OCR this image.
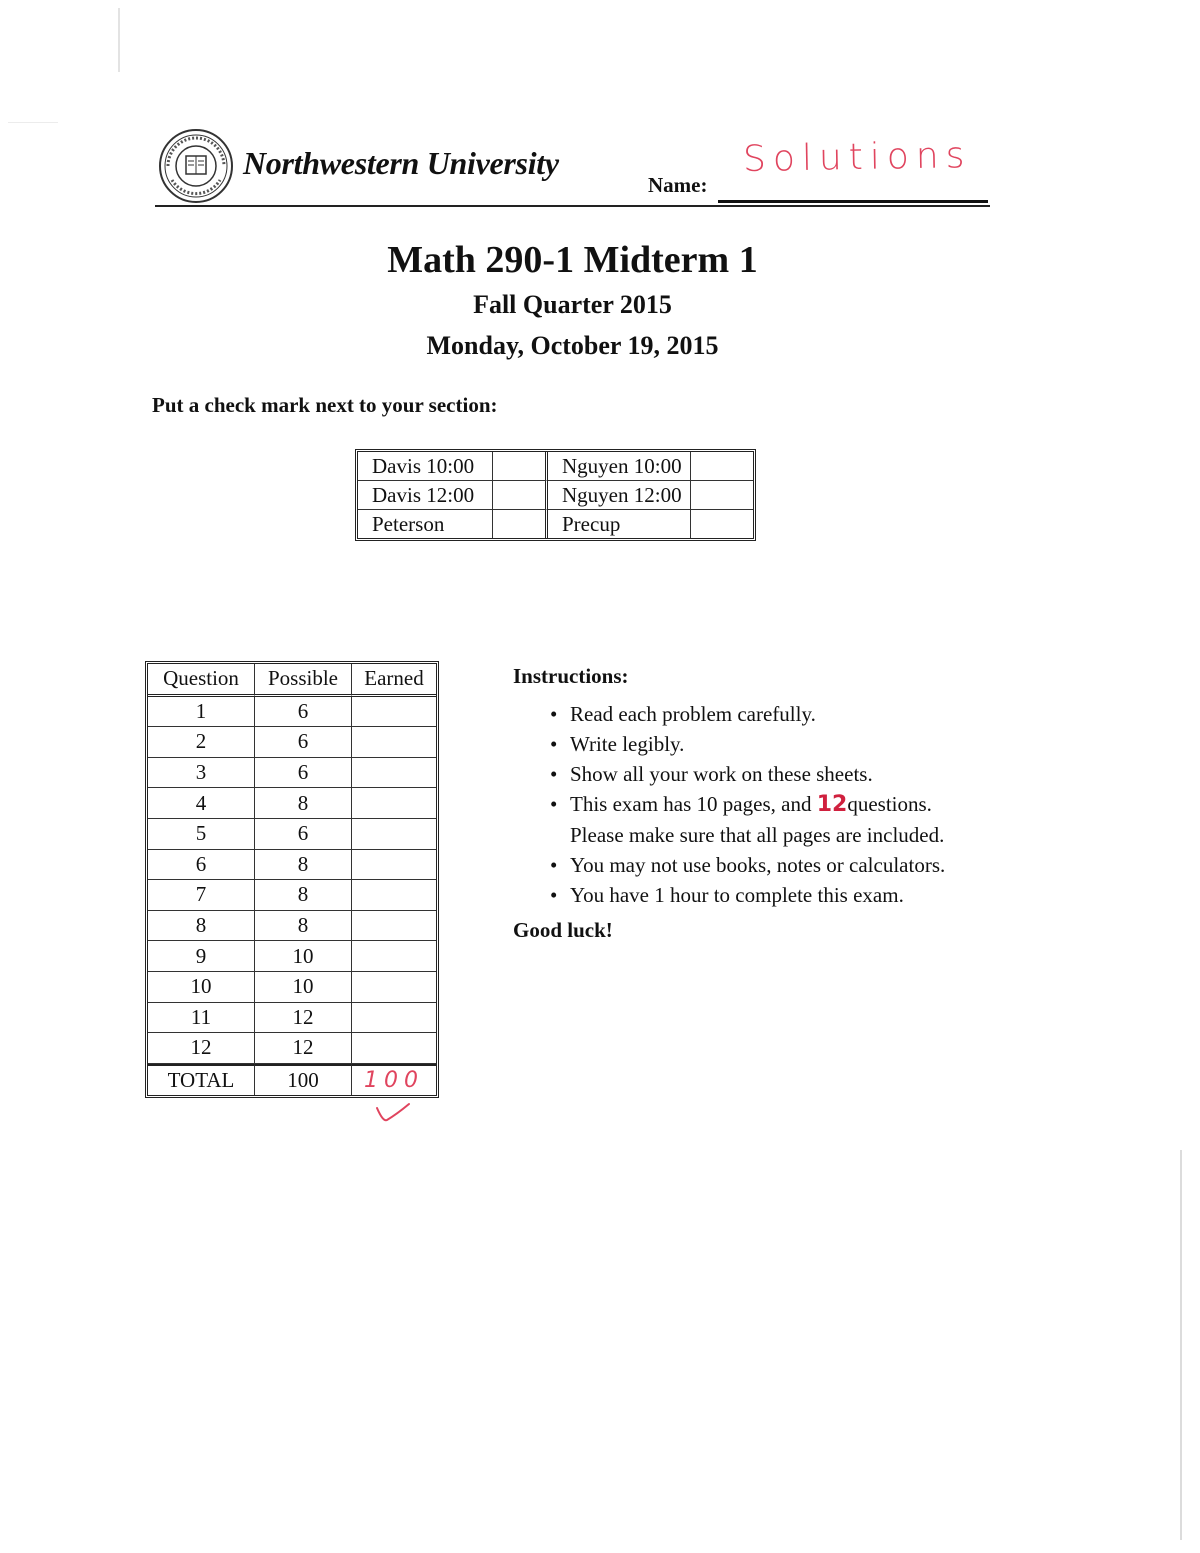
Northwestern University
Name:
Solutions
Math 290-1 Midterm 1
Fall Quarter 2015
Monday, October 19, 2015
Put a check mark next to your section:
Davis 10:00		Nguyen 10:00	
Davis 12:00		Nguyen 12:00	
Peterson		Precup	
Question	Possible	Earned
1	6	
2	6	
3	6	
4	8	
5	6	
6	8	
7	8	
8	8	
9	10	
10	10	
11	12	
12	12	
TOTAL	100	100
Instructions:
• Read each problem carefully.
• Write legibly.
• Show all your work on these sheets.
• This exam has 10 pages, and 12questions.
Please make sure that all pages are included.
• You may not use books, notes or calculators.
• You have 1 hour to complete this exam.
Good luck!
